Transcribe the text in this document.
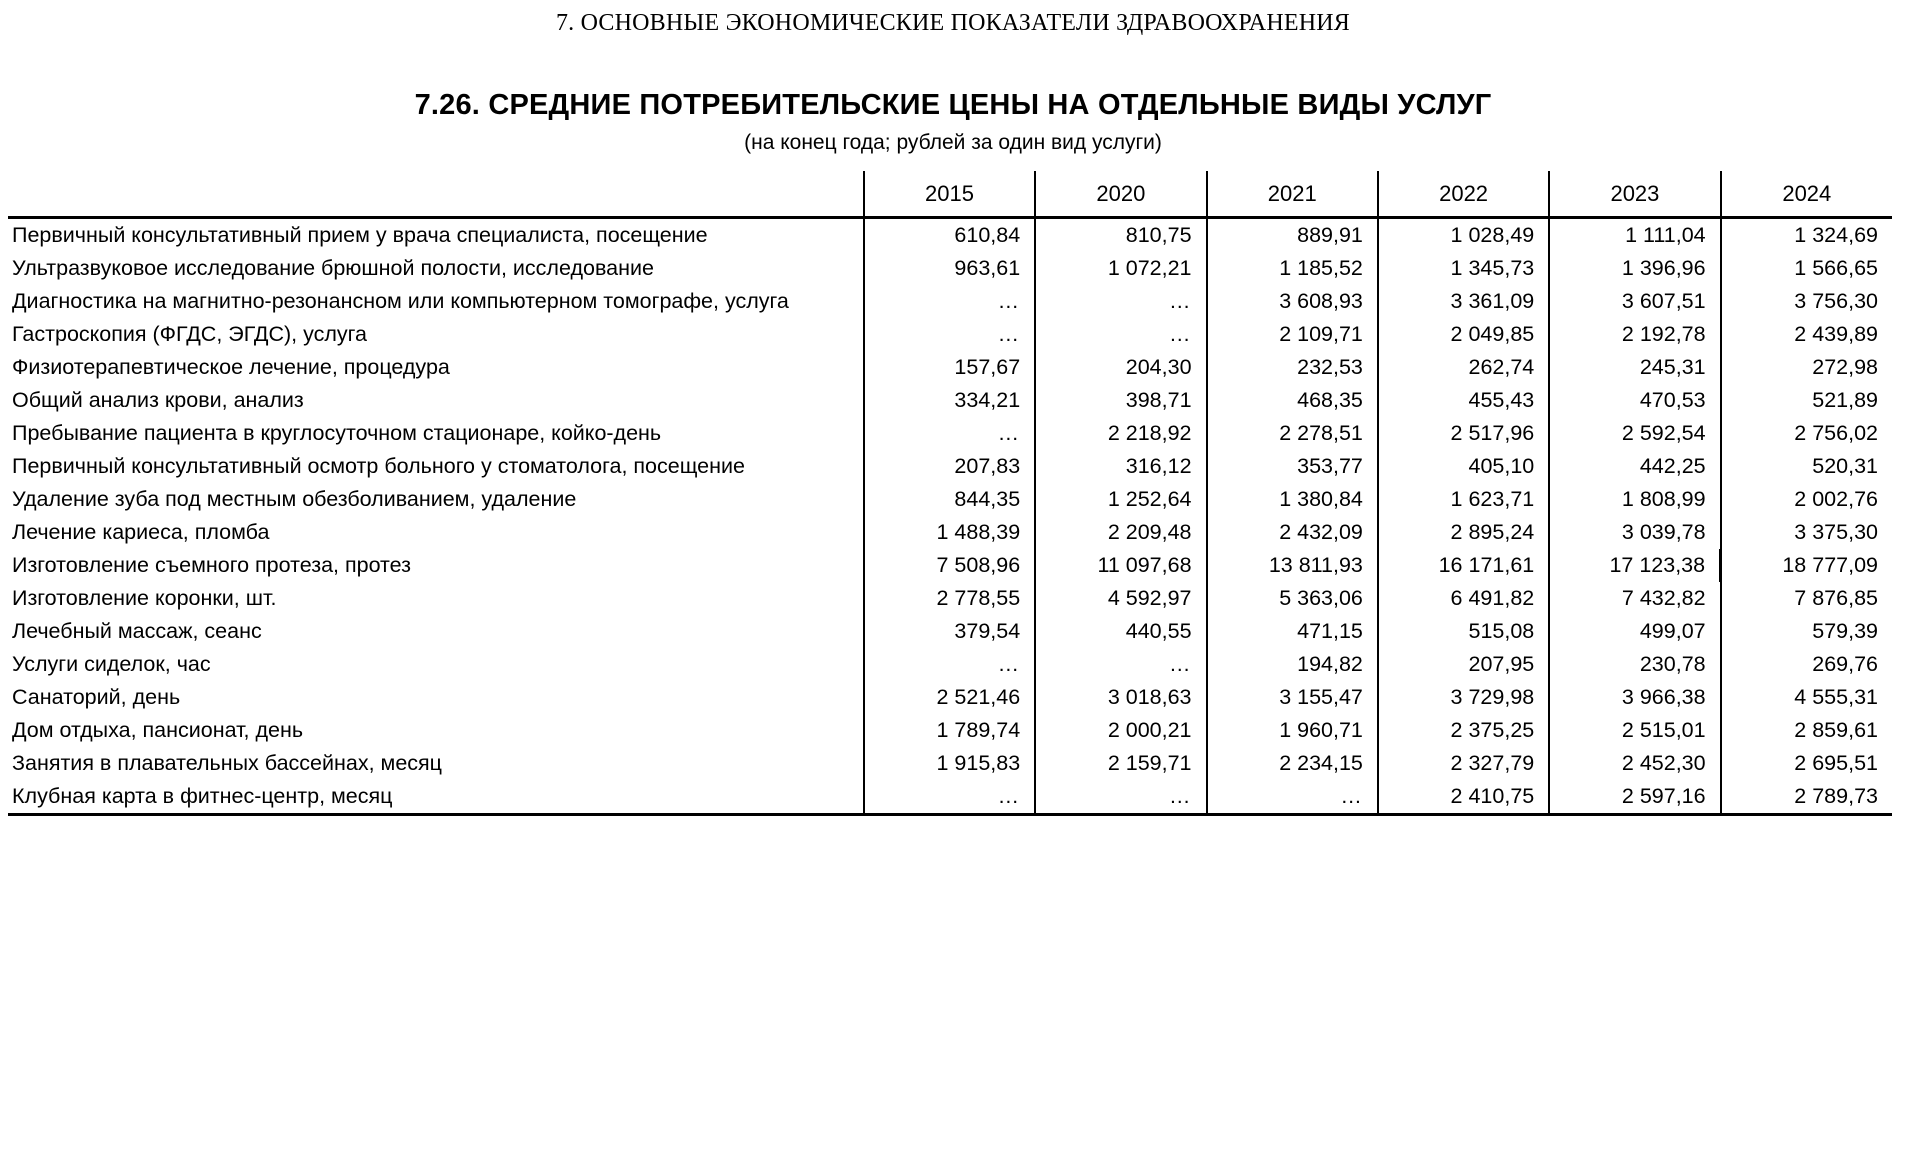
7. ОСНОВНЫЕ ЭКОНОМИЧЕСКИЕ ПОКАЗАТЕЛИ ЗДРАВООХРАНЕНИЯ
7.26. СРЕДНИЕ ПОТРЕБИТЕЛЬСКИЕ ЦЕНЫ НА ОТДЕЛЬНЫЕ ВИДЫ УСЛУГ
(на конец года; рублей за один вид услуги)
	2015	2020	2021	2022	2023	2024
Первичный консультативный прием у врача специалиста, посещение	610,84	810,75	889,91	1 028,49	1 111,04	1 324,69
Ультразвуковое исследование брюшной полости, исследование	963,61	1 072,21	1 185,52	1 345,73	1 396,96	1 566,65
Диагностика на магнитно-резонансном или компьютерном томографе, услуга	…	…	3 608,93	3 361,09	3 607,51	3 756,30
Гастроскопия (ФГДС, ЭГДС), услуга	…	…	2 109,71	2 049,85	2 192,78	2 439,89
Физиотерапевтическое лечение, процедура	157,67	204,30	232,53	262,74	245,31	272,98
Общий анализ крови, анализ	334,21	398,71	468,35	455,43	470,53	521,89
Пребывание пациента в круглосуточном стационаре, койко-день	…	2 218,92	2 278,51	2 517,96	2 592,54	2 756,02
Первичный консультативный осмотр больного у стоматолога, посещение	207,83	316,12	353,77	405,10	442,25	520,31
Удаление зуба под местным обезболиванием, удаление	844,35	1 252,64	1 380,84	1 623,71	1 808,99	2 002,76
Лечение кариеса, пломба	1 488,39	2 209,48	2 432,09	2 895,24	3 039,78	3 375,30
Изготовление съемного протеза, протез	7 508,96	11 097,68	13 811,93	16 171,61	17 123,38	18 777,09
Изготовление коронки, шт.	2 778,55	4 592,97	5 363,06	6 491,82	7 432,82	7 876,85
Лечебный массаж, сеанс	379,54	440,55	471,15	515,08	499,07	579,39
Услуги сиделок, час	…	…	194,82	207,95	230,78	269,76
Санаторий, день	2 521,46	3 018,63	3 155,47	3 729,98	3 966,38	4 555,31
Дом отдыха, пансионат, день	1 789,74	2 000,21	1 960,71	2 375,25	2 515,01	2 859,61
Занятия в плавательных бассейнах, месяц	1 915,83	2 159,71	2 234,15	2 327,79	2 452,30	2 695,51
Клубная карта в фитнес-центр, месяц	…	…	…	2 410,75	2 597,16	2 789,73
